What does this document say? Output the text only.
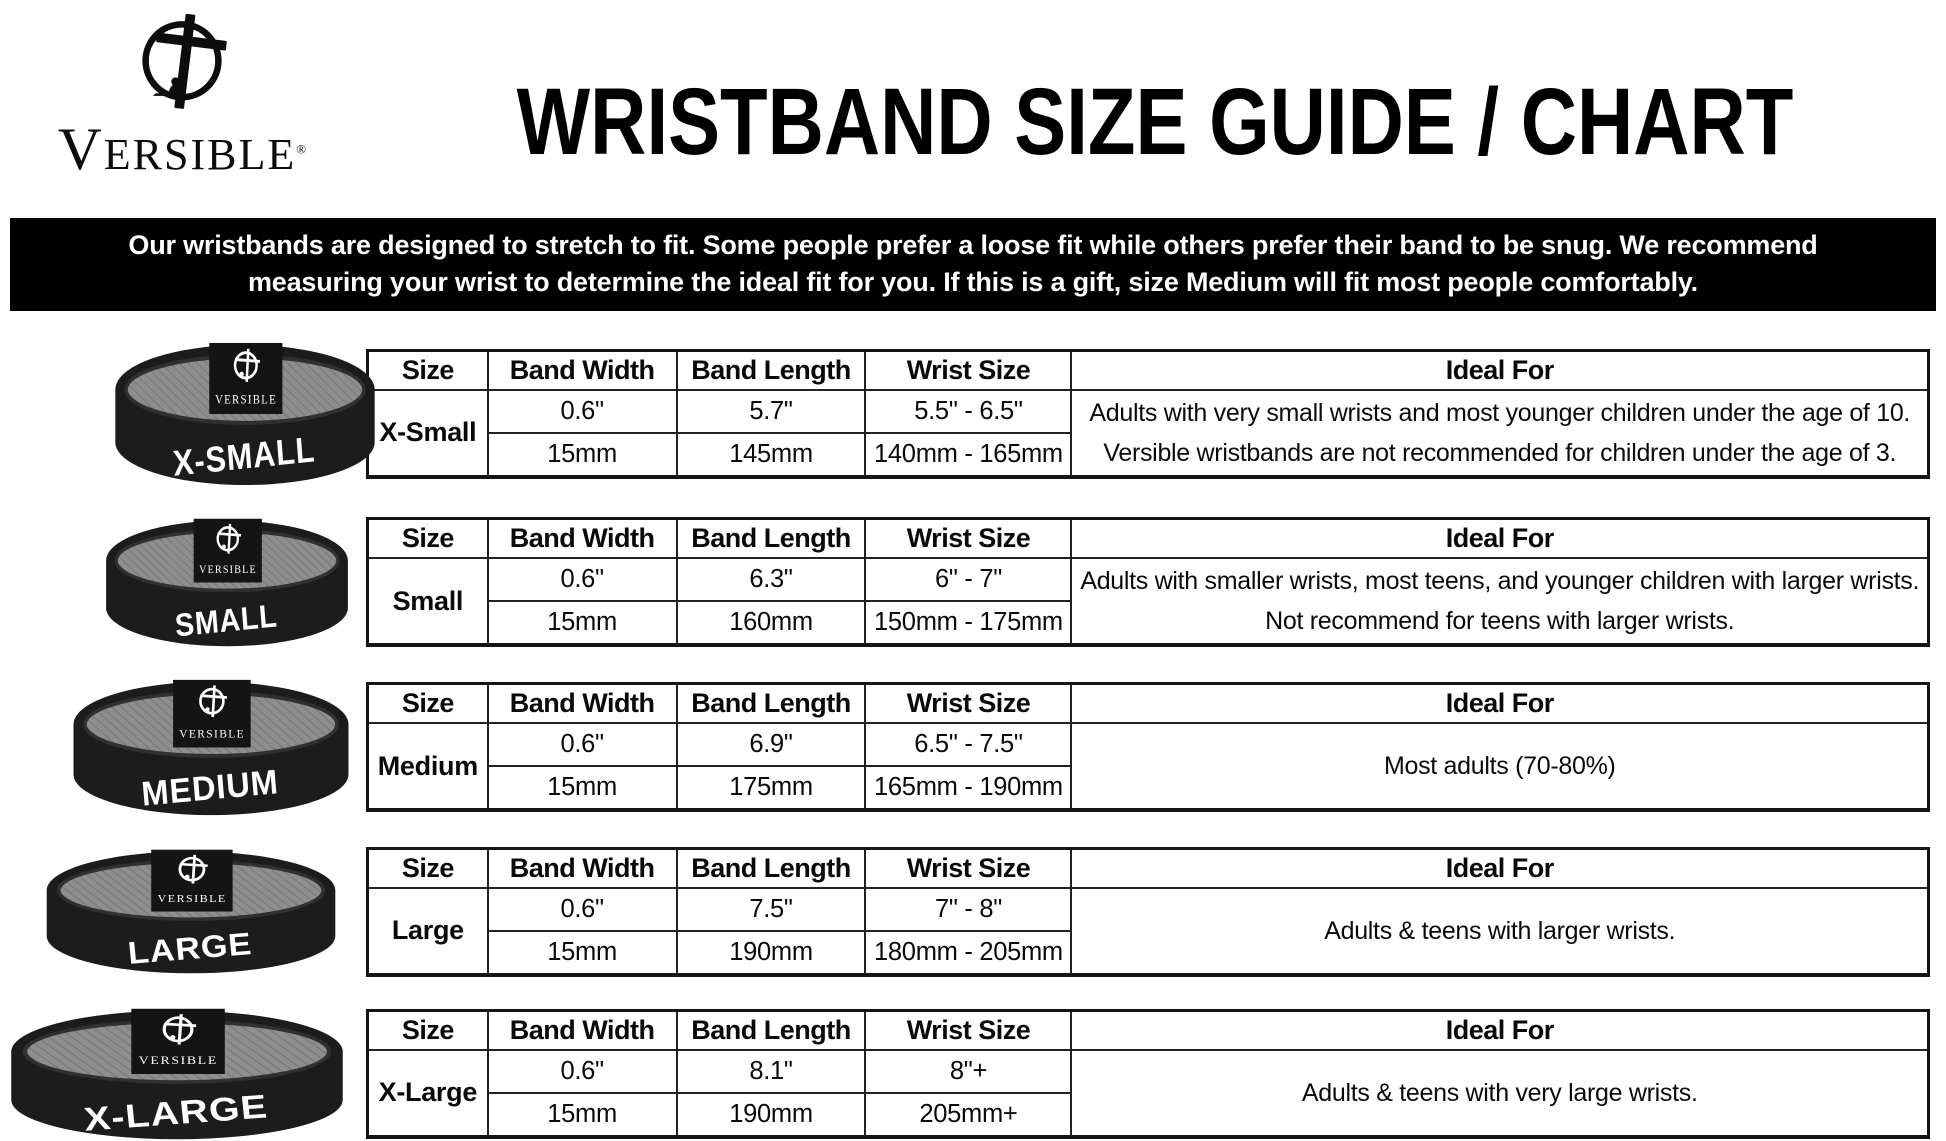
VERSIBLE® WRISTBAND SIZE GUIDE / CHART
Our wristbands are designed to stretch to fit. Some people prefer a loose fit while others prefer their band to be snug. We recommend
measuring your wrist to determine the ideal fit for you. If this is a gift, size Medium will fit most people comfortably.
VERSIBLE
X-SMALL
Size	Band Width	Band Length	Wrist Size	Ideal For
X-Small	0.6"	5.7"	5.5" - 6.5"	Adults with very small wrists and most younger children under the age of 10.
Versible wristbands are not recommended for children under the age of 3.
	15mm	145mm	140mm - 165mm	
VERSIBLE
SMALL
Size	Band Width	Band Length	Wrist Size	Ideal For
Small	0.6"	6.3"	6" - 7"	Adults with smaller wrists, most teens, and younger children with larger wrists.
Not recommend for teens with larger wrists.
	15mm	160mm	150mm - 175mm	
VERSIBLE
MEDIUM
Size	Band Width	Band Length	Wrist Size	Ideal For
Medium	0.6"	6.9"	6.5" - 7.5"	Most adults (70-80%)
	15mm	175mm	165mm - 190mm	
VERSIBLE
LARGE
Size	Band Width	Band Length	Wrist Size	Ideal For
Large	0.6"	7.5"	7" - 8"	Adults & teens with larger wrists.
	15mm	190mm	180mm - 205mm	
VERSIBLE
X-LARGE
Size	Band Width	Band Length	Wrist Size	Ideal For
X-Large	0.6"	8.1"	8"+	Adults & teens with very large wrists.
	15mm	190mm	205mm+	
